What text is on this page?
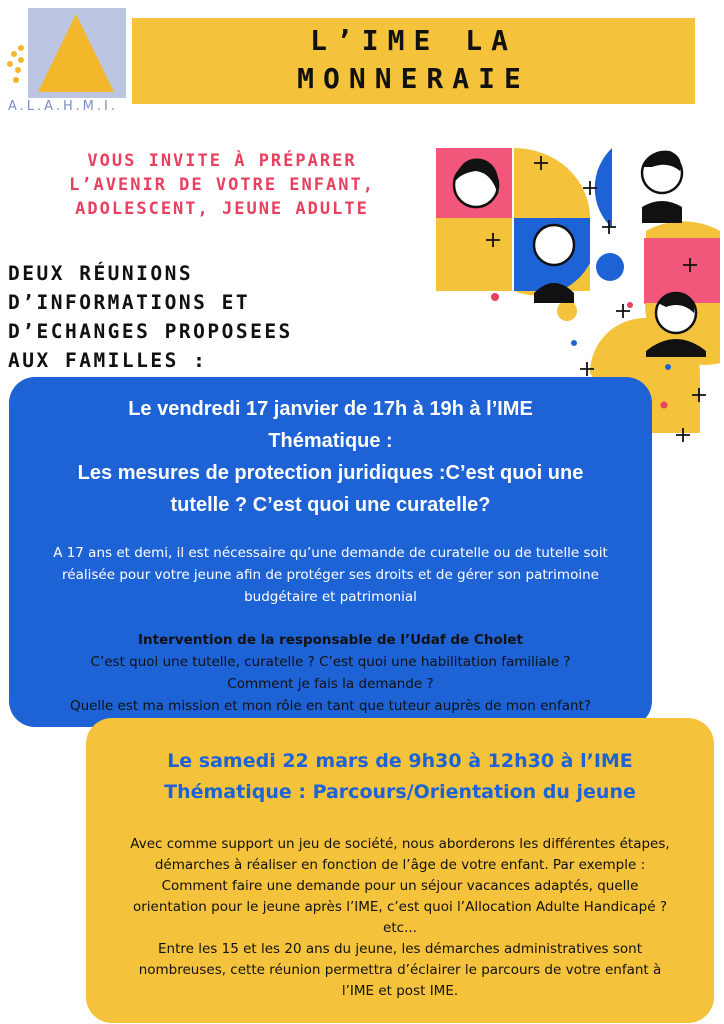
A.L.A.H.M.I.
L’IME LA
MONNERAIE
VOUS INVITE À PRÉPARER
L’AVENIR DE VOTRE ENFANT,
ADOLESCENT, JEUNE ADULTE
DEUX RÉUNIONS
D’INFORMATIONS ET
D’ECHANGES PROPOSEES
AUX FAMILLES :
Le vendredi 17 janvier de 17h à 19h à l’IME
Thématique :
Les mesures de protection juridiques :C’est quoi une
tutelle ? C’est quoi une curatelle?
A 17 ans et demi, il est nécessaire qu’une demande de curatelle ou de tutelle soit
réalisée pour votre jeune afin de protéger ses droits et de gérer son patrimoine
budgétaire et patrimonial
Intervention de la responsable de l’Udaf de Cholet
C’est quoi une tutelle, curatelle ? C’est quoi une habilitation familiale ?
Comment je fais la demande ?
Quelle est ma mission et mon rôle en tant que tuteur auprès de mon enfant?
Le samedi 22 mars de 9h30 à 12h30 à l’IME
Thématique : Parcours/Orientation du jeune
Avec comme support un jeu de société, nous aborderons les différentes étapes,
démarches à réaliser en fonction de l’âge de votre enfant. Par exemple :
Comment faire une demande pour un séjour vacances adaptés, quelle
orientation pour le jeune après l’IME, c’est quoi l’Allocation Adulte Handicapé ?
etc...
Entre les 15 et les 20 ans du jeune, les démarches administratives sont
nombreuses, cette réunion permettra d’éclairer le parcours de votre enfant à
l’IME et post IME.
